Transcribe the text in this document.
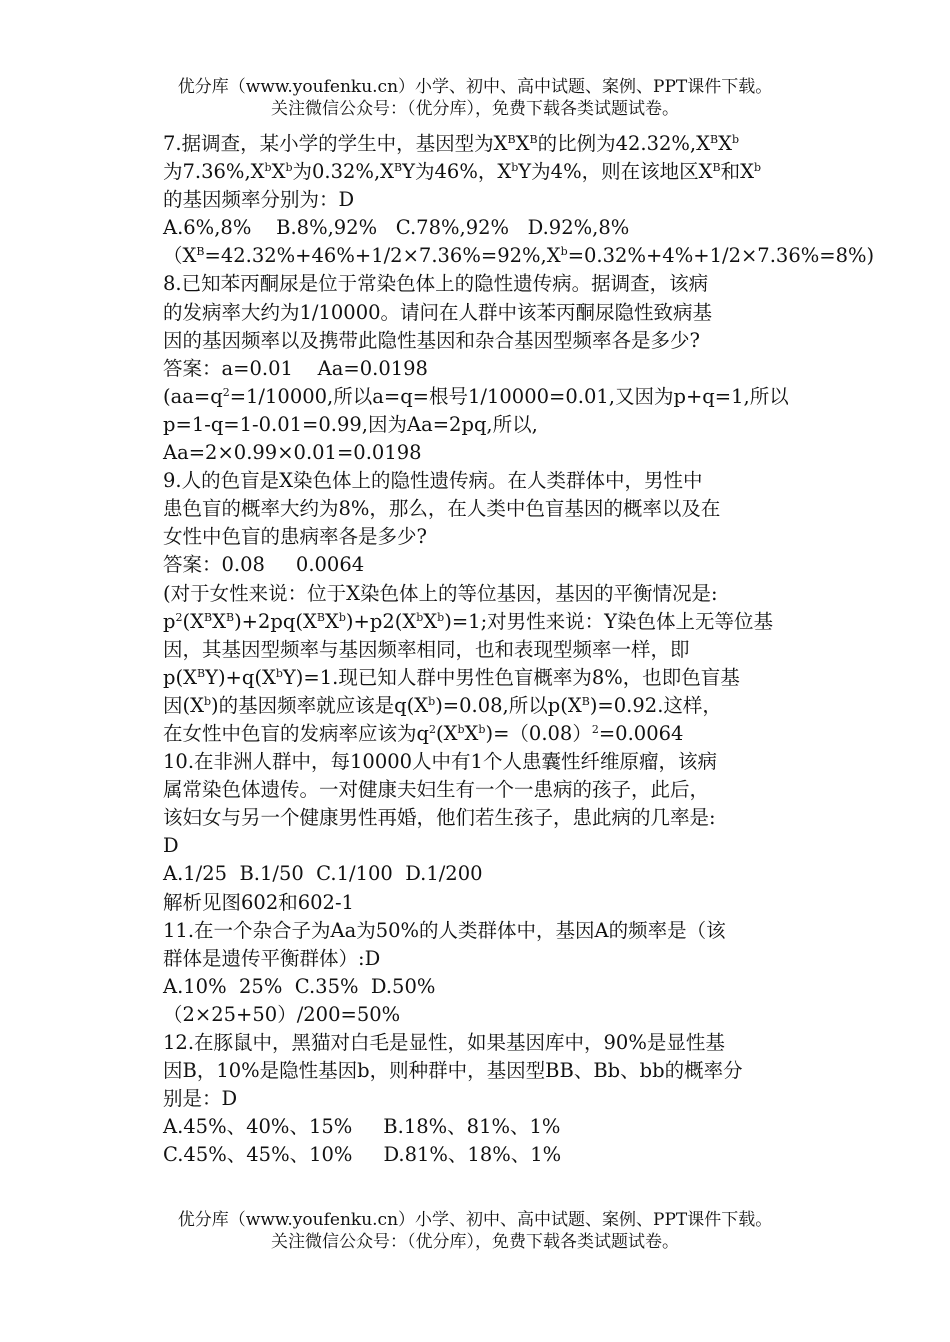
优分库（www.youfenku.cn）小学、初中、高中试题、案例、PPT课件下载。
关注微信公众号：（优分库），免费下载各类试题试卷。
7.据调查，某小学的学生中，基因型为$X^BX^B$的比例为$42.32\%,X^BX^b$
为$7.36\%,X^bX^b$为$0.32\%,X^BY$为46%，$X^bY$为4%，则在该地区$X^B$和$X^b$
的基因频率分别为：D
A.6%,8%    B.8%,92%   C.78%,92%   D.92%,8%
$(X^B=42.32\%+46\%+1/2\times 7.36\%=92\%,X^b=0.32\%+4\%+1/2\times 7.36\%=8\%)$
8.已知苯丙酮尿是位于常染色体上的隐性遗传病。据调查，该病
的发病率大约为1/10000。请问在人群中该苯丙酮尿隐性致病基
因的基因频率以及携带此隐性基因和杂合基因型频率各是多少?
答案：a=0.01    Aa=0.0198
($aa=q^2=1/10000$,所以a=q=根号1/10000=0.01,又因为p+q=1,所以
p=1-q=1-0.01=0.99,因为Aa=2pq,所以,
Aa=2×0.99×0.01=0.0198
9.人的色盲是X染色体上的隐性遗传病。在人类群体中，男性中
患色盲的概率大约为8%，那么，在人类中色盲基因的概率以及在
女性中色盲的患病率各是多少?
答案：0.08     0.0064
(对于女性来说：位于X染色体上的等位基因，基因的平衡情况是:
$p^2(X^BX^B)+2pq(X^BX^b)+p2(X^bX^b)=1$;对男性来说：Y染色体上无等位基
因，其基因型频率与基因频率相同，也和表现型频率一样，即
$p(X^BY)+q(X^bY)=1$.现已知人群中男性色盲概率为8%，也即色盲基
因$(X^b)$的基因频率就应该是$q(X^b)=0.08$,所以$p(X^B)=0.92$.这样，
在女性中色盲的发病率应该为$q^2(X^bX^b)=(0.08)^2=0.0064$
10.在非洲人群中，每10000人中有1个人患囊性纤维原瘤，该病
属常染色体遗传。一对健康夫妇生有一个一患病的孩子，此后，
该妇女与另一个健康男性再婚，他们若生孩子，患此病的几率是:
D
A.1/25  B.1/50  C.1/100  D.1/200
解析见图602和602-1
11.在一个杂合子为Aa为50%的人类群体中，基因A的频率是（该
群体是遗传平衡群体）:D
A.10%  25%  C.35%  D.50%
（2×25+50）/200=50%
12.在豚鼠中，黑猫对白毛是显性，如果基因库中，90%是显性基
因B，10%是隐性基因b，则种群中，基因型BB、Bb、bb的概率分
别是：D
A.45%、40%、15%     B.18%、81%、1%
C.45%、45%、10%     D.81%、18%、1%
优分库（www.youfenku.cn）小学、初中、高中试题、案例、PPT课件下载。
关注微信公众号：（优分库），免费下载各类试题试卷。
